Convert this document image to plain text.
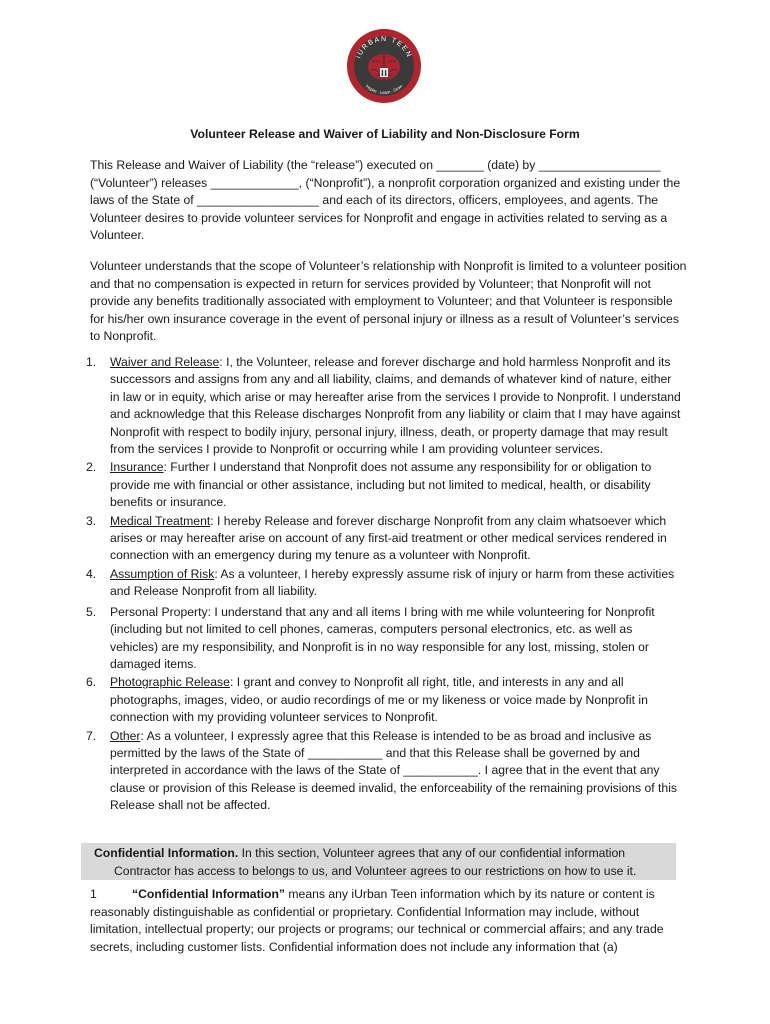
iURBAN TEEN
Inspire · Learn · Grow
Volunteer Release and Waiver of Liability and Non-Disclosure Form

This Release and Waiver of Liability (the “release”) executed on _______ (date) by __________________ (“Volunteer”) releases _____________, (“Nonprofit”), a nonprofit corporation organized and existing under the laws of the State of __________________ and each of its directors, officers, employees, and agents. The Volunteer desires to provide volunteer services for Nonprofit and engage in activities related to serving as a Volunteer.

Volunteer understands that the scope of Volunteer’s relationship with Nonprofit is limited to a volunteer position and that no compensation is expected in return for services provided by Volunteer; that Nonprofit will not provide any benefits traditionally associated with employment to Volunteer; and that Volunteer is responsible for his/her own insurance coverage in the event of personal injury or illness as a result of Volunteer’s services to Nonprofit.

1. Waiver and Release: I, the Volunteer, release and forever discharge and hold harmless Nonprofit and its successors and assigns from any and all liability, claims, and demands of whatever kind of nature, either in law or in equity, which arise or may hereafter arise from the services I provide to Nonprofit. I understand and acknowledge that this Release discharges Nonprofit from any liability or claim that I may have against Nonprofit with respect to bodily injury, personal injury, illness, death, or property damage that may result from the services I provide to Nonprofit or occurring while I am providing volunteer services.
2. Insurance: Further I understand that Nonprofit does not assume any responsibility for or obligation to provide me with financial or other assistance, including but not limited to medical, health, or disability benefits or insurance.
3. Medical Treatment: I hereby Release and forever discharge Nonprofit from any claim whatsoever which arises or may hereafter arise on account of any first-aid treatment or other medical services rendered in connection with an emergency during my tenure as a volunteer with Nonprofit.
4. Assumption of Risk: As a volunteer, I hereby expressly assume risk of injury or harm from these activities and Release Nonprofit from all liability.
5. Personal Property: I understand that any and all items I bring with me while volunteering for Nonprofit (including but not limited to cell phones, cameras, computers personal electronics, etc. as well as vehicles) are my responsibility, and Nonprofit is in no way responsible for any lost, missing, stolen or damaged items.
6. Photographic Release: I grant and convey to Nonprofit all right, title, and interests in any and all photographs, images, video, or audio recordings of me or my likeness or voice made by Nonprofit in connection with my providing volunteer services to Nonprofit.
7. Other: As a volunteer, I expressly agree that this Release is intended to be as broad and inclusive as permitted by the laws of the State of ___________ and that this Release shall be governed by and interpreted in accordance with the laws of the State of ___________. I agree that in the event that any clause or provision of this Release is deemed invalid, the enforceability of the remaining provisions of this Release shall not be affected.
Confidential Information. In this section, Volunteer agrees that any of our confidential information
Contractor has access to belongs to us, and Volunteer agrees to our restrictions on how to use it.

1	“Confidential Information” means any iUrban Teen information which by its nature or content is reasonably distinguishable as confidential or proprietary. Confidential Information may include, without limitation, intellectual property; our projects or programs; our technical or commercial affairs; and any trade secrets, including customer lists. Confidential information does not include any information that (a)
